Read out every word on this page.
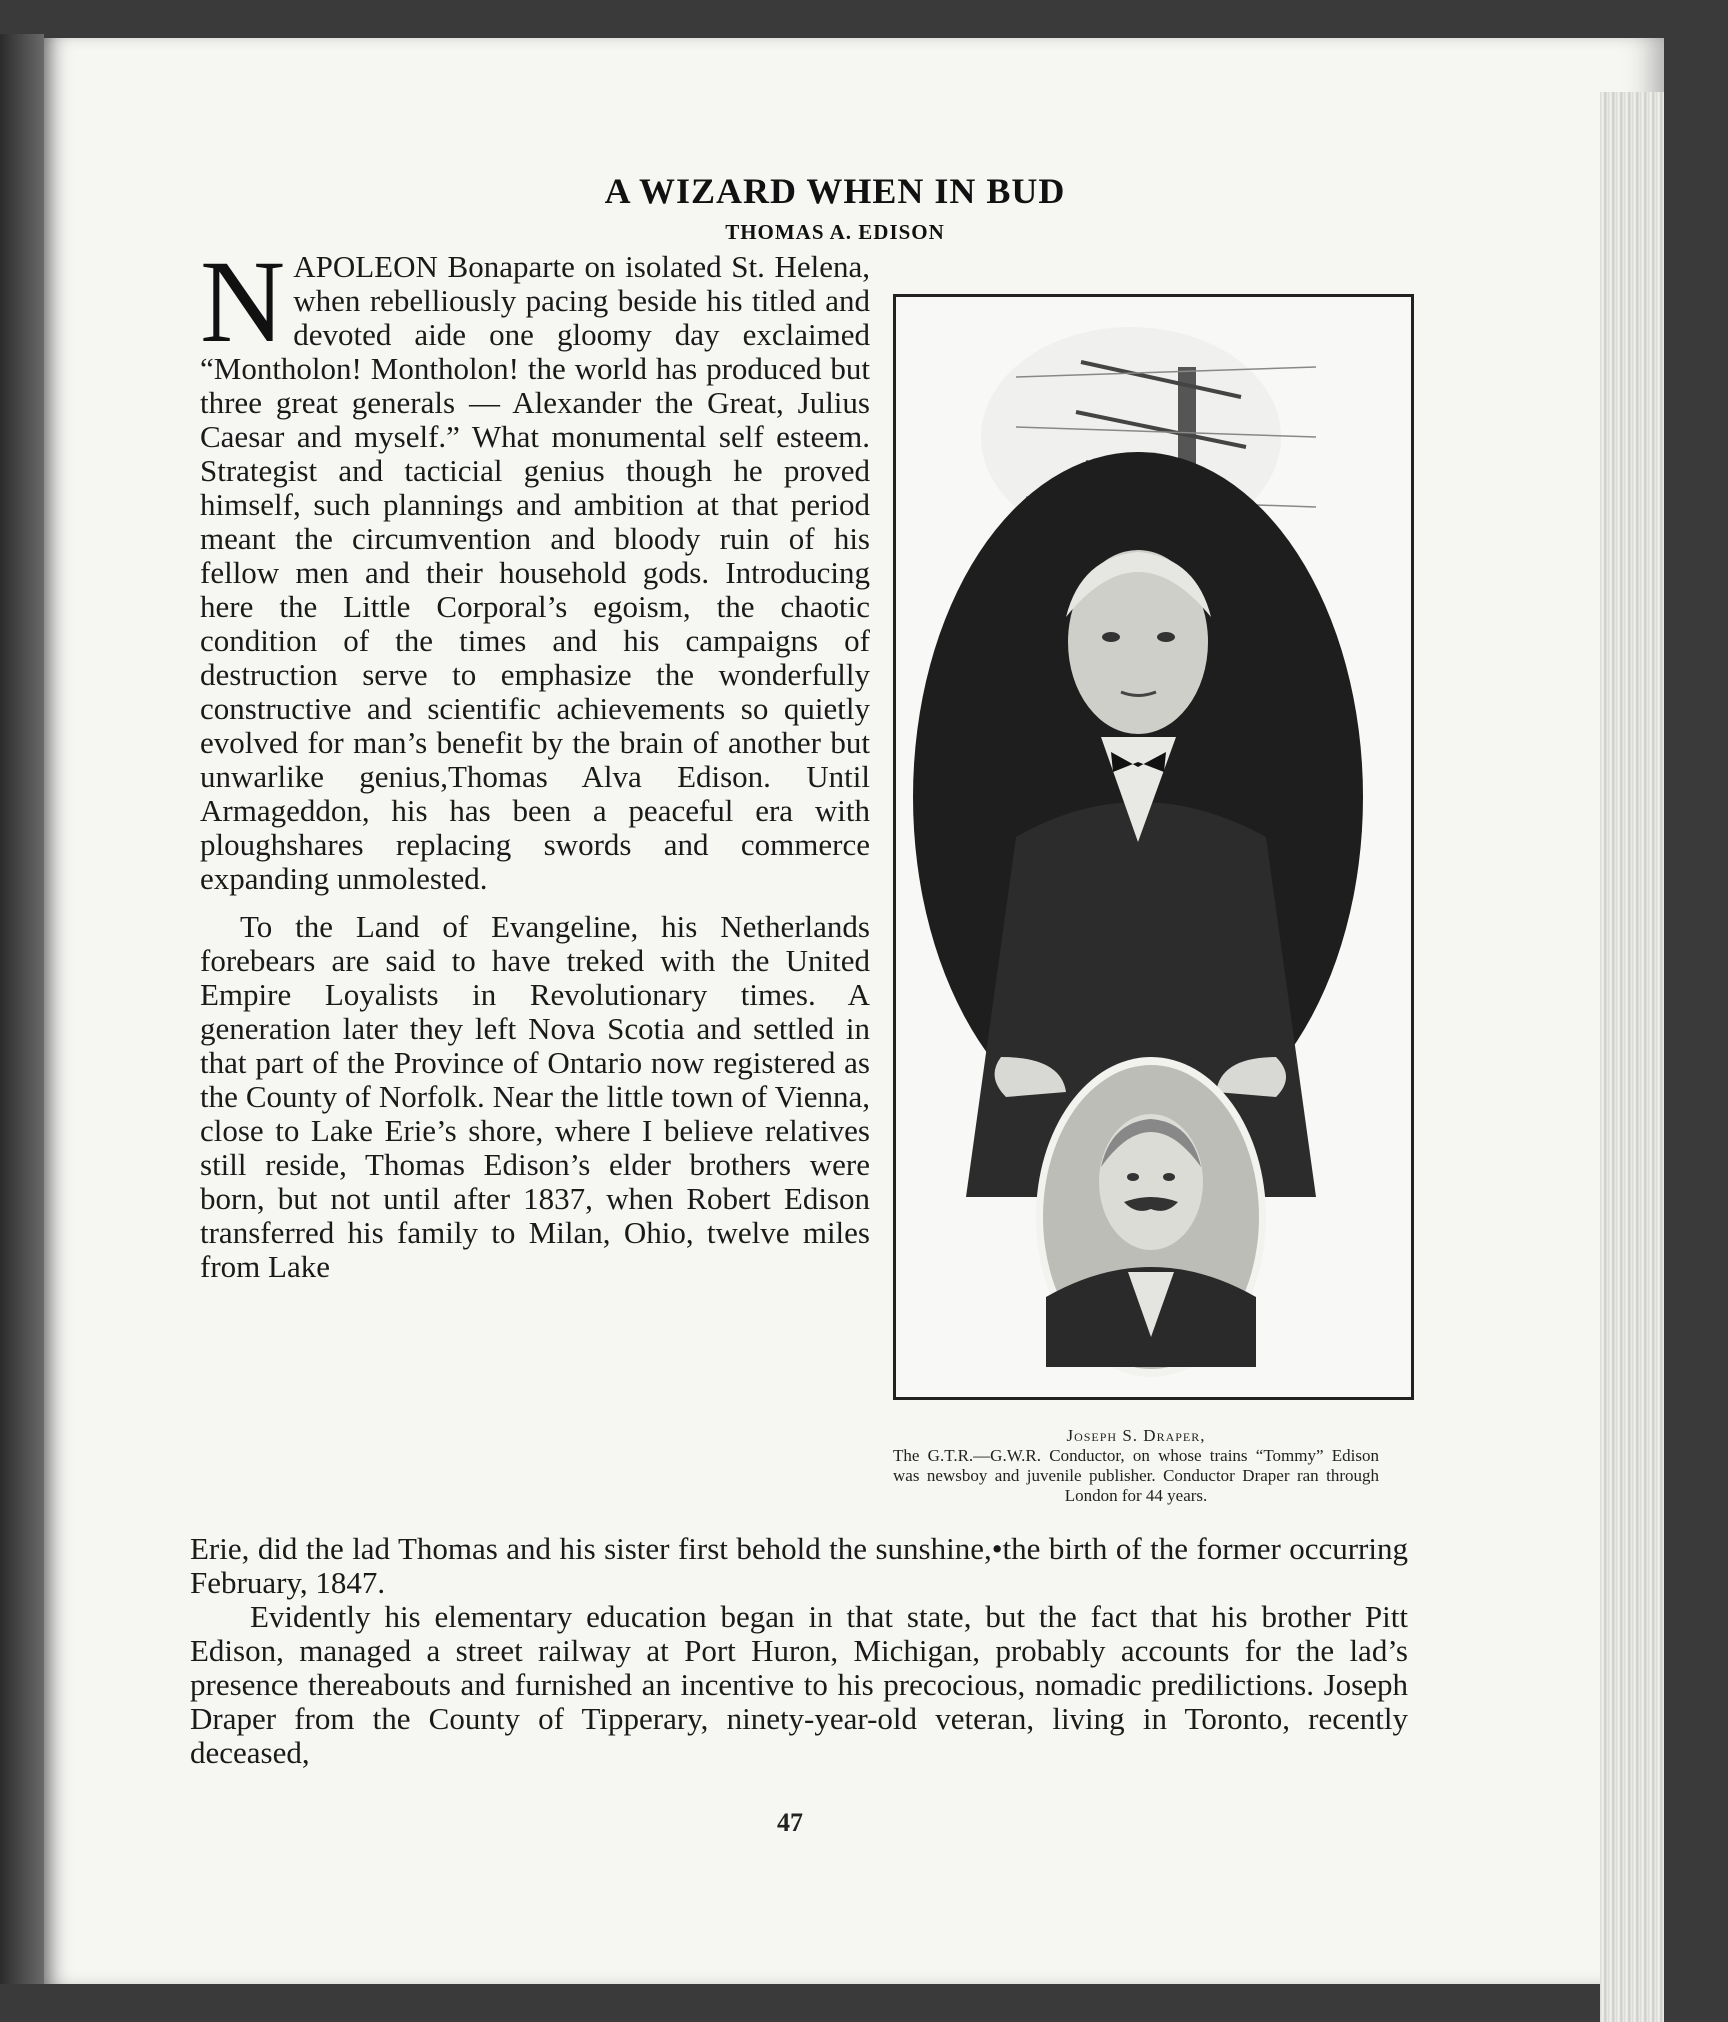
A WIZARD WHEN IN BUD
THOMAS A. EDISON

NAPOLEON Bonaparte on isolated St. Helena, when rebelliously pacing beside his titled and devoted aide one gloomy day exclaimed “Montholon! Montholon! the world has produced but three great generals — Alexander the Great, Julius Caesar and myself.” What monumental self esteem. Strategist and tacticial genius though he proved himself, such plannings and ambition at that period meant the circumvention and bloody ruin of his fellow men and their household gods. Introducing here the Little Corporal’s egoism, the chaotic condition of the times and his campaigns of destruction serve to emphasize the wonderfully constructive and scientific achievements so quietly evolved for man’s benefit by the brain of another but unwarlike genius,Thomas Alva Edison. Until Armageddon, his has been a peaceful era with ploughshares replacing swords and commerce expanding unmolested.

To the Land of Evangeline, his Netherlands forebears are said to have treked with the United Empire Loyalists in Revolutionary times. A generation later they left Nova Scotia and settled in that part of the Province of Ontario now registered as the County of Norfolk. Near the little town of Vienna, close to Lake Erie’s shore, where I believe relatives still reside, Thomas Edison’s elder brothers were born, but not until after 1837, when Robert Edison transferred his family to Milan, Ohio, twelve miles from Lake

Joseph S. Draper,
The G.T.R.—G.W.R. Conductor, on whose trains “Tommy” Edison was newsboy and juvenile publisher. Conductor Draper ran through London for 44 years.

Erie, did the lad Thomas and his sister first behold the sunshine,•the birth of the former occurring February, 1847.

Evidently his elementary education began in that state, but the fact that his brother Pitt Edison, managed a street railway at Port Huron, Michigan, probably accounts for the lad’s presence thereabouts and furnished an incentive to his precocious, nomadic predilictions. Joseph Draper from the County of Tipperary, ninety-year-old veteran, living in Toronto, recently deceased,

47
